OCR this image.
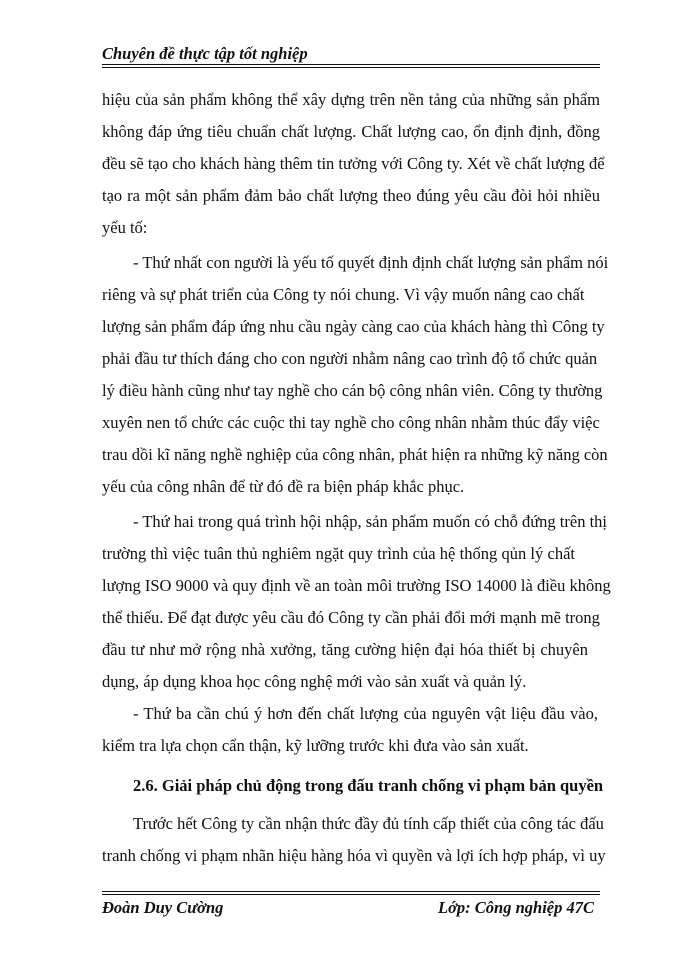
Chuyên đề thực tập tốt nghiệp
hiệu của sản phẩm không thể xây dựng trên nền tảng của những sản phẩm
không đáp ứng tiêu chuẩn chất lượng. Chất lượng cao, ổn định định, đồng
đều sẽ tạo cho khách hàng thêm tin tưởng với Công ty. Xét về chất lượng để
tạo ra một sản phẩm đảm bảo chất lượng theo đúng yêu cầu đòi hỏi nhiều
yếu tố:
- Thứ nhất con người là yếu tố quyết định định chất lượng sản phẩm nói
riêng và sự phát triển của Công ty nói chung. Vì vậy muốn nâng cao chất
lượng sản phẩm đáp ứng nhu cầu ngày càng cao của khách hàng thì Công ty
phải đầu tư thích đáng cho con người nhằm nâng cao trình độ tổ chức quản
lý điều hành cũng như tay nghề cho cán bộ công nhân viên. Công ty thường
xuyên nen tổ chức các cuộc thi tay nghề cho công nhân nhằm thúc đẩy việc
trau dồi kĩ năng nghề nghiệp của công nhân, phát hiện ra những kỹ năng còn
yếu của công nhân để từ đó đề ra biện pháp khắc phục.
- Thứ hai trong quá trình hội nhập, sản phẩm muốn có chỗ đứng trên thị
trường thì việc tuân thủ nghiêm ngặt quy trình của hệ thống qủn lý chất
lượng ISO 9000 và quy định về an toàn môi trường ISO 14000 là điều không
thể thiếu. Để đạt được yêu cầu đó Công ty cần phải đổi mới mạnh mẽ trong
đầu tư như mở rộng nhà xưởng, tăng cường hiện đại hóa thiết bị chuyên
dụng, áp dụng khoa học công nghệ mới vào sản xuất và quản lý.
- Thứ ba cần chú ý hơn đến chất lượng của nguyên vật liệu đầu vào,
kiểm tra lựa chọn cẩn thận, kỹ lưỡng trước khi đưa vào sản xuất.
2.6. Giải pháp chủ động trong đấu tranh chống vi phạm bản quyền
Trước hết Công ty cần nhận thức đầy đủ tính cấp thiết của công tác đấu
tranh chống vi phạm nhãn hiệu hàng hóa vì quyền và lợi ích hợp pháp, vì uy
Đoàn Duy Cường	Lớp: Công nghiệp 47C
